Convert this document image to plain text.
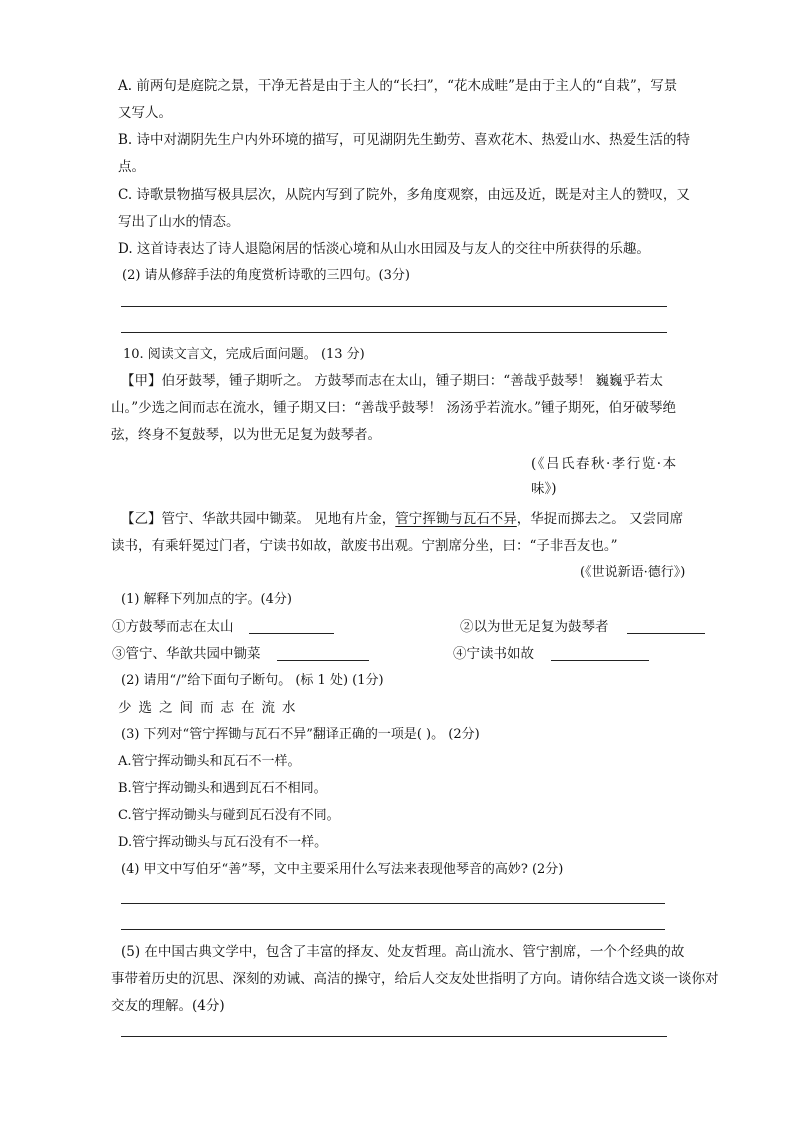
A. 前两句是庭院之景，干净无苔是由于主人的“长扫”，“花木成畦”是由于主人的“自栽”，写景
又写人。
B. 诗中对湖阴先生户内外环境的描写，可见湖阴先生勤劳、喜欢花木、热爱山水、热爱生活的特
点。
C. 诗歌景物描写极具层次，从院内写到了院外，多角度观察，由远及近，既是对主人的赞叹，又
写出了山水的情态。
D. 这首诗表达了诗人退隐闲居的恬淡心境和从山水田园及与友人的交往中所获得的乐趣。
(2) 请从修辞手法的角度赏析诗歌的三四句。(3分)
10. 阅读文言文，完成后面问题。 (13 分)
【甲】伯牙鼓琴，锺子期听之。 方鼓琴而志在太山，锺子期曰：“善哉乎鼓琴！ 巍巍乎若太
山。”少选之间而志在流水，锺子期又曰：“善哉乎鼓琴！ 汤汤乎若流水。”锺子期死，伯牙破琴绝
弦，终身不复鼓琴，以为世无足复为鼓琴者。
(《吕氏春秋·孝行览·本
味》)
【乙】管宁、华歆共园中锄菜。 见地有片金，管宁挥锄与瓦石不异，华捉而掷去之。 又尝同席
读书，有乘轩冕过门者，宁读书如故，歆废书出观。宁割席分坐，曰：“子非吾友也。”
(《世说新语·德行》)
(1) 解释下列加点的字。(4分)
①方鼓琴而志在太山	②以为世无足复为鼓琴者
③管宁、华歆共园中锄菜	④宁读书如故
(2) 请用“/”给下面句子断句。 (标 1 处) (1分)
少选之间而志在流水
(3) 下列对“管宁挥锄与瓦石不异”翻译正确的一项是( )。 (2分)
A.管宁挥动锄头和瓦石不一样。
B.管宁挥动锄头和遇到瓦石不相同。
C.管宁挥动锄头与碰到瓦石没有不同。
D.管宁挥动锄头与瓦石没有不一样。
(4) 甲文中写伯牙“善”琴，文中主要采用什么写法来表现他琴音的高妙? (2分)
(5) 在中国古典文学中，包含了丰富的择友、处友哲理。高山流水、管宁割席，一个个经典的故
事带着历史的沉思、深刻的劝诫、高洁的操守，给后人交友处世指明了方向。请你结合选文谈一谈你对
交友的理解。(4分)
